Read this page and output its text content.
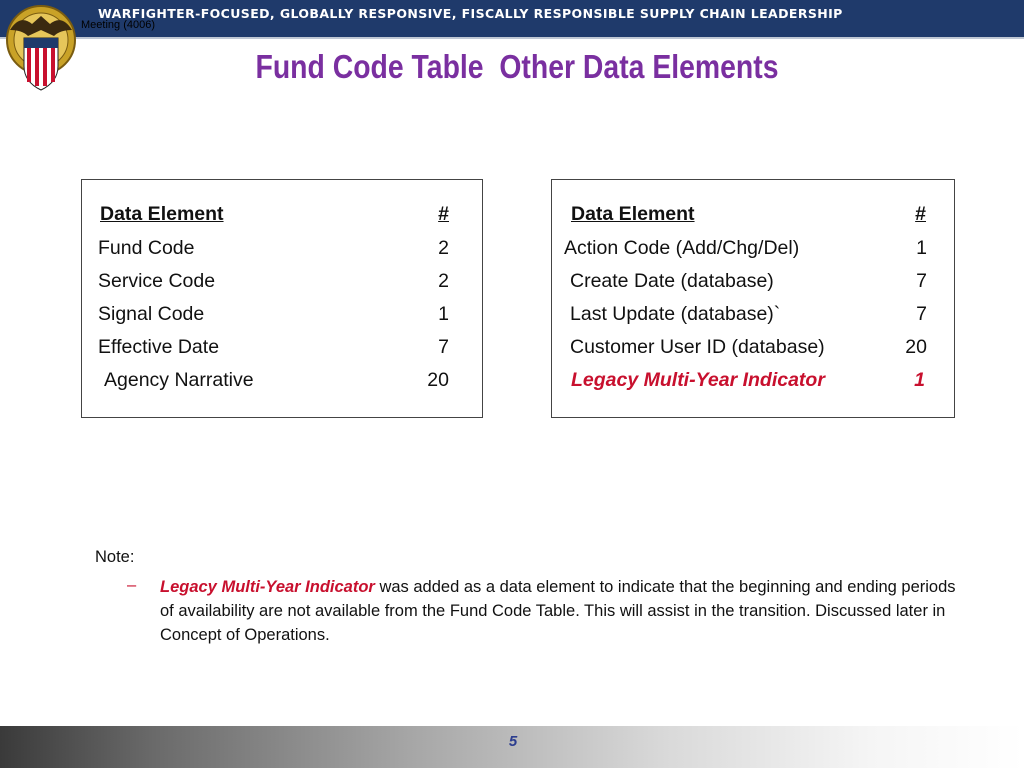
WARFIGHTER-FOCUSED, GLOBALLY RESPONSIVE, FISCALLY RESPONSIBLE SUPPLY CHAIN LEADERSHIP
Meeting (4006)
Fund Code Table  Other Data Elements
Data Element	#
Fund Code	2
Service Code	2
Signal Code	1
Effective Date	7
Agency Narrative	20
Data Element	#
Action Code (Add/Chg/Del)	1
Create Date (database)	7
Last Update (database)`	7
Customer User ID (database)	20
Legacy Multi-Year Indicator	1
Note:
– Legacy Multi-Year Indicator was added as a data element to indicate that the beginning and ending periods of availability are not available from the Fund Code Table. This will assist in the transition. Discussed later in Concept of Operations.
5
